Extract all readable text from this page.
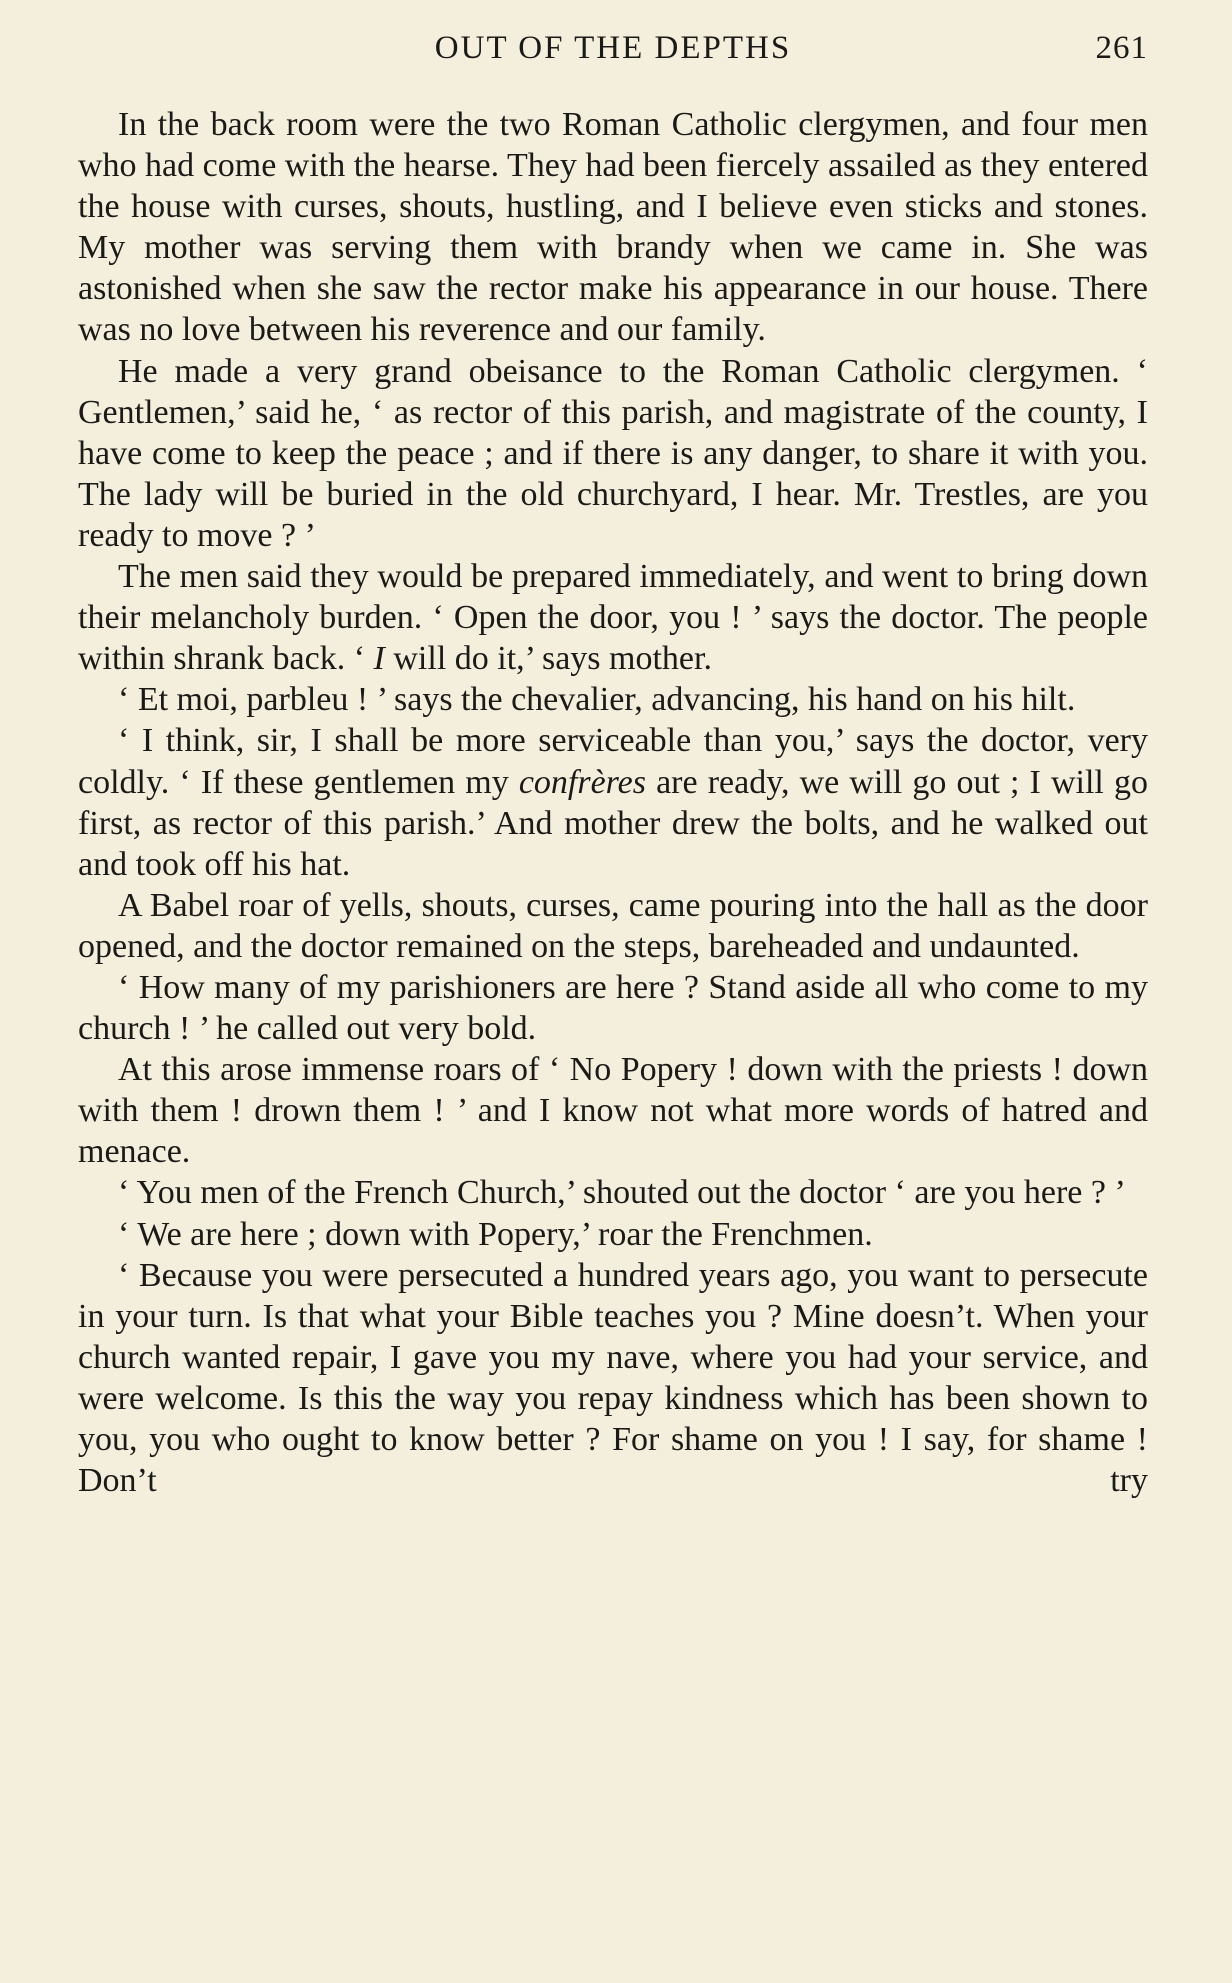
OUT OF THE DEPTHS	261

In the back room were the two Roman Catholic clergymen, and four men who had come with the hearse. They had been fiercely assailed as they entered the house with curses, shouts, hustling, and I believe even sticks and stones. My mother was serving them with brandy when we came in. She was astonished when she saw the rector make his appearance in our house. There was no love between his reverence and our family.

He made a very grand obeisance to the Roman Catholic clergymen. ‘ Gentlemen,’ said he, ‘ as rector of this parish, and magistrate of the county, I have come to keep the peace ; and if there is any danger, to share it with you. The lady will be buried in the old churchyard, I hear. Mr. Trestles, are you ready to move ? ’

The men said they would be prepared immediately, and went to bring down their melancholy burden. ‘ Open the door, you ! ’ says the doctor. The people within shrank back. ‘ I will do it,’ says mother.

‘ Et moi, parbleu ! ’ says the chevalier, advancing, his hand on his hilt.

‘ I think, sir, I shall be more serviceable than you,’ says the doctor, very coldly. ‘ If these gentlemen my confrères are ready, we will go out ; I will go first, as rector of this parish.’ And mother drew the bolts, and he walked out and took off his hat.

A Babel roar of yells, shouts, curses, came pouring into the hall as the door opened, and the doctor remained on the steps, bareheaded and undaunted.

‘ How many of my parishioners are here ? Stand aside all who come to my church ! ’ he called out very bold.

At this arose immense roars of ‘ No Popery ! down with the priests ! down with them ! drown them ! ’ and I know not what more words of hatred and menace.

‘ You men of the French Church,’ shouted out the doctor ‘ are you here ? ’

‘ We are here ; down with Popery,’ roar the Frenchmen.

‘ Because you were persecuted a hundred years ago, you want to persecute in your turn. Is that what your Bible teaches you ? Mine doesn’t. When your church wanted repair, I gave you my nave, where you had your service, and were welcome. Is this the way you repay kindness which has been shown to you, you who ought to know better ? For shame on you ! I say, for shame ! Don’t try
